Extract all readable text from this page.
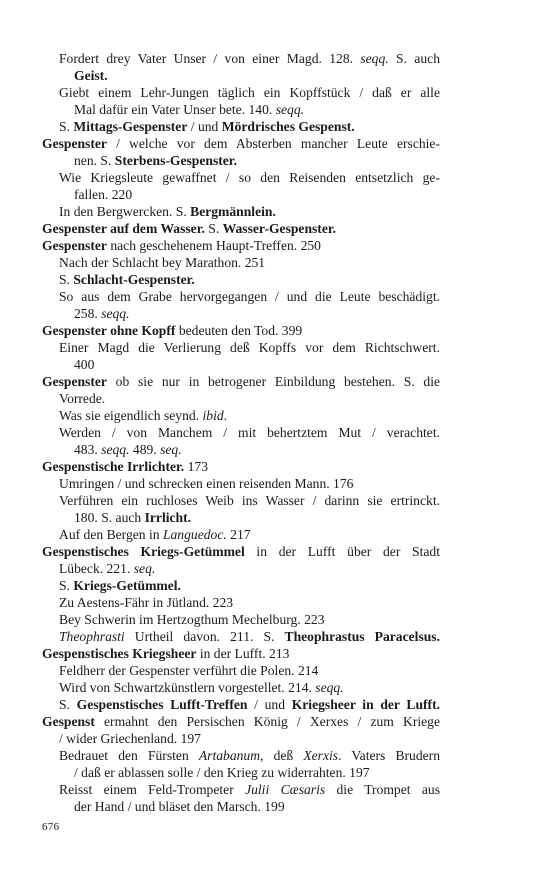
Fordert drey Vater Unser / von einer Magd. 128. seqq. S. auch
Geist.
Giebt einem Lehr-Jungen täglich ein Kopffstück / daß er alle
Mal dafür ein Vater Unser bete. 140. seqq.
S. Mittags-Gespenster / und Mördrisches Gespenst.
Gespenster / welche vor dem Absterben mancher Leute erschie-
nen. S. Sterbens-Gespenster.
Wie Kriegsleute gewaffnet / so den Reisenden entsetzlich ge-
fallen. 220
In den Bergwercken. S. Bergmännlein.
Gespenster auf dem Wasser. S. Wasser-Gespenster.
Gespenster nach geschehenem Haupt-Treffen. 250
Nach der Schlacht bey Marathon. 251
S. Schlacht-Gespenster.
So aus dem Grabe hervorgegangen / und die Leute beschädigt.
258. seqq.
Gespenster ohne Kopff bedeuten den Tod. 399
Einer Magd die Verlierung deß Kopffs vor dem Richtschwert.
400
Gespenster ob sie nur in betrogener Einbildung bestehen. S. die
Vorrede.
Was sie eigendlich seynd. ibid.
Werden / von Manchem / mit behertztem Mut / verachtet.
483. seqq. 489. seq.
Gespenstische Irrlichter. 173
Umringen / und schrecken einen reisenden Mann. 176
Verführen ein ruchloses Weib ins Wasser / darinn sie ertrinckt.
180. S. auch Irrlicht.
Auf den Bergen in Languedoc. 217
Gespenstisches Kriegs-Getümmel in der Lufft über der Stadt
Lübeck. 221. seq.
S. Kriegs-Getümmel.
Zu Aestens-Fähr in Jütland. 223
Bey Schwerin im Hertzogthum Mechelburg. 223
Theophrasti Urtheil davon. 211. S. Theophrastus Paracelsus.
Gespenstisches Kriegsheer in der Lufft. 213
Feldherr der Gespenster verführt die Polen. 214
Wird von Schwartzkünstlern vorgestellet. 214. seqq.
S. Gespenstisches Lufft-Treffen / und Kriegsheer in der Lufft.
Gespenst ermahnt den Persischen König / Xerxes / zum Kriege
/ wider Griechenland. 197
Bedrauet den Fürsten Artabanum, deß Xerxis. Vaters Brudern
/ daß er ablassen solle / den Krieg zu widerrahten. 197
Reisst einem Feld-Trompeter Julii Cæsaris die Trompet aus
der Hand / und bläset den Marsch. 199
676
